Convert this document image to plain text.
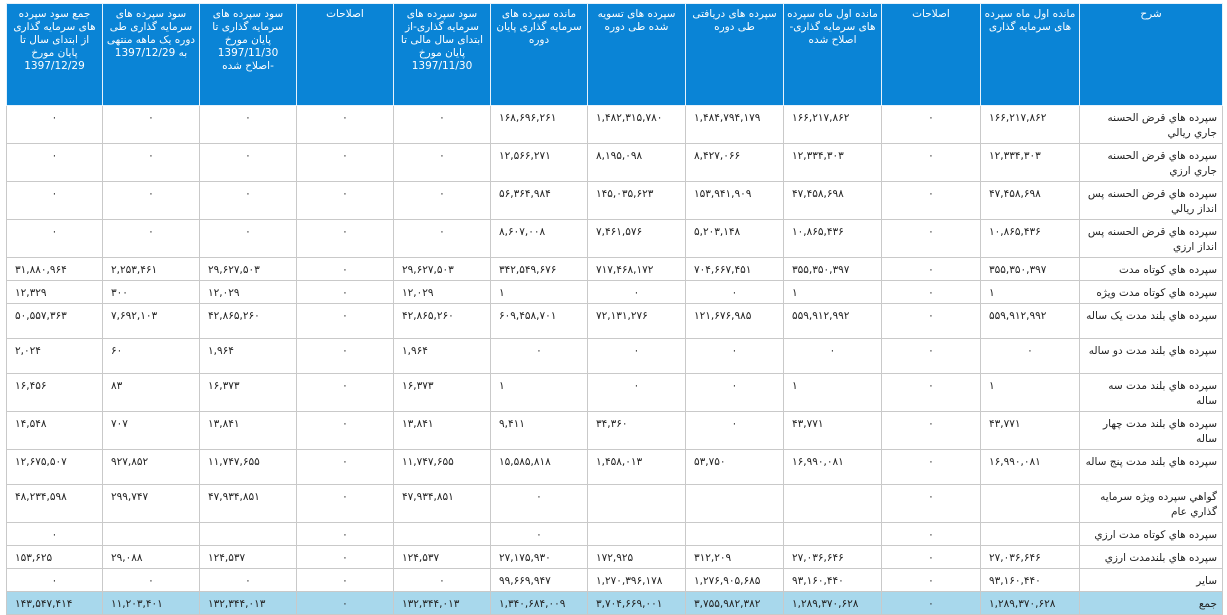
شرح	مانده اول ماه سپرده های سرمایه گذاری	اصلاحات	مانده اول ماه سپرده های سرمایه گذاری-اصلاح شده	سپرده های دریافتی طی دوره	سپرده های تسویه شده طی دوره	مانده سپرده های سرمایه گذاری پایان دوره	سود سپرده های سرمایه گذاری-از ابتدای سال مالی تا پایان مورخ 1397/11/30	اصلاحات	سود سپرده های سرمایه گذاری تا پایان مورخ 1397/11/30 -اصلاح شده	سود سپرده های سرمایه گذاری طی دوره یک ماهه منتهی به 1397/12/29	جمع سود سپرده های سرمایه گذاری از ابتدای سال تا پایان مورخ 1397/12/29
سپرده هاي قرض الحسنه جاري ريالي	۱۶۶,۲۱۷,۸۶۲	۰	۱۶۶,۲۱۷,۸۶۲	۱,۴۸۴,۷۹۴,۱۷۹	۱,۴۸۲,۳۱۵,۷۸۰	۱۶۸,۶۹۶,۲۶۱	۰	۰	۰	۰	۰
سپرده هاي قرض الحسنه جاري ارزي	۱۲,۳۳۴,۳۰۳	۰	۱۲,۳۳۴,۳۰۳	۸,۴۲۷,۰۶۶	۸,۱۹۵,۰۹۸	۱۲,۵۶۶,۲۷۱	۰	۰	۰	۰	۰
سپرده هاي قرض الحسنه پس انداز ريالي	۴۷,۴۵۸,۶۹۸	۰	۴۷,۴۵۸,۶۹۸	۱۵۳,۹۴۱,۹۰۹	۱۴۵,۰۳۵,۶۲۳	۵۶,۳۶۴,۹۸۴	۰	۰	۰	۰	۰
سپرده هاي قرض الحسنه پس انداز ارزي	۱۰,۸۶۵,۴۳۶	۰	۱۰,۸۶۵,۴۳۶	۵,۲۰۳,۱۴۸	۷,۴۶۱,۵۷۶	۸,۶۰۷,۰۰۸	۰	۰	۰	۰	۰
سپرده هاي کوتاه مدت	۳۵۵,۳۵۰,۳۹۷	۰	۳۵۵,۳۵۰,۳۹۷	۷۰۴,۶۶۷,۴۵۱	۷۱۷,۴۶۸,۱۷۲	۳۴۲,۵۴۹,۶۷۶	۲۹,۶۲۷,۵۰۳	۰	۲۹,۶۲۷,۵۰۳	۲,۲۵۳,۴۶۱	۳۱,۸۸۰,۹۶۴
سپرده هاي کوتاه مدت ويژه	۱	۰	۱	۰	۰	۱	۱۲,۰۲۹	۰	۱۲,۰۲۹	۳۰۰	۱۲,۳۲۹
سپرده هاي بلند مدت يک ساله	۵۵۹,۹۱۲,۹۹۲	۰	۵۵۹,۹۱۲,۹۹۲	۱۲۱,۶۷۶,۹۸۵	۷۲,۱۳۱,۲۷۶	۶۰۹,۴۵۸,۷۰۱	۴۲,۸۶۵,۲۶۰	۰	۴۲,۸۶۵,۲۶۰	۷,۶۹۲,۱۰۳	۵۰,۵۵۷,۳۶۳
سپرده هاي بلند مدت دو ساله	۰	۰	۰	۰	۰	۰	۱,۹۶۴	۰	۱,۹۶۴	۶۰	۲,۰۲۴
سپرده هاي بلند مدت سه ساله	۱	۰	۱	۰	۰	۱	۱۶,۳۷۳	۰	۱۶,۳۷۳	۸۳	۱۶,۴۵۶
سپرده هاي بلند مدت چهار ساله	۴۳,۷۷۱	۰	۴۳,۷۷۱	۰	۳۴,۳۶۰	۹,۴۱۱	۱۳,۸۴۱	۰	۱۳,۸۴۱	۷۰۷	۱۴,۵۴۸
سپرده هاي بلند مدت پنج ساله	۱۶,۹۹۰,۰۸۱	۰	۱۶,۹۹۰,۰۸۱	۵۳,۷۵۰	۱,۴۵۸,۰۱۳	۱۵,۵۸۵,۸۱۸	۱۱,۷۴۷,۶۵۵	۰	۱۱,۷۴۷,۶۵۵	۹۲۷,۸۵۲	۱۲,۶۷۵,۵۰۷
گواهي سپرده ويژه سرمايه گذاري عام		۰				۰	۴۷,۹۳۴,۸۵۱	۰	۴۷,۹۳۴,۸۵۱	۲۹۹,۷۴۷	۴۸,۲۳۴,۵۹۸
سپرده هاي کوتاه مدت ارزي		۰				۰		۰			۰
سپرده هاي بلندمدت ارزي	۲۷,۰۳۶,۶۴۶	۰	۲۷,۰۳۶,۶۴۶	۳۱۲,۲۰۹	۱۷۲,۹۲۵	۲۷,۱۷۵,۹۳۰	۱۲۴,۵۳۷	۰	۱۲۴,۵۳۷	۲۹,۰۸۸	۱۵۳,۶۲۵
ساير	۹۳,۱۶۰,۴۴۰	۰	۹۳,۱۶۰,۴۴۰	۱,۲۷۶,۹۰۵,۶۸۵	۱,۲۷۰,۳۹۶,۱۷۸	۹۹,۶۶۹,۹۴۷	۰	۰	۰	۰	۰
جمع	۱,۲۸۹,۳۷۰,۶۲۸	۰	۱,۲۸۹,۳۷۰,۶۲۸	۳,۷۵۵,۹۸۲,۳۸۲	۳,۷۰۴,۶۶۹,۰۰۱	۱,۳۴۰,۶۸۴,۰۰۹	۱۳۲,۳۴۴,۰۱۳	۰	۱۳۲,۳۴۴,۰۱۳	۱۱,۲۰۳,۴۰۱	۱۴۳,۵۴۷,۴۱۴
